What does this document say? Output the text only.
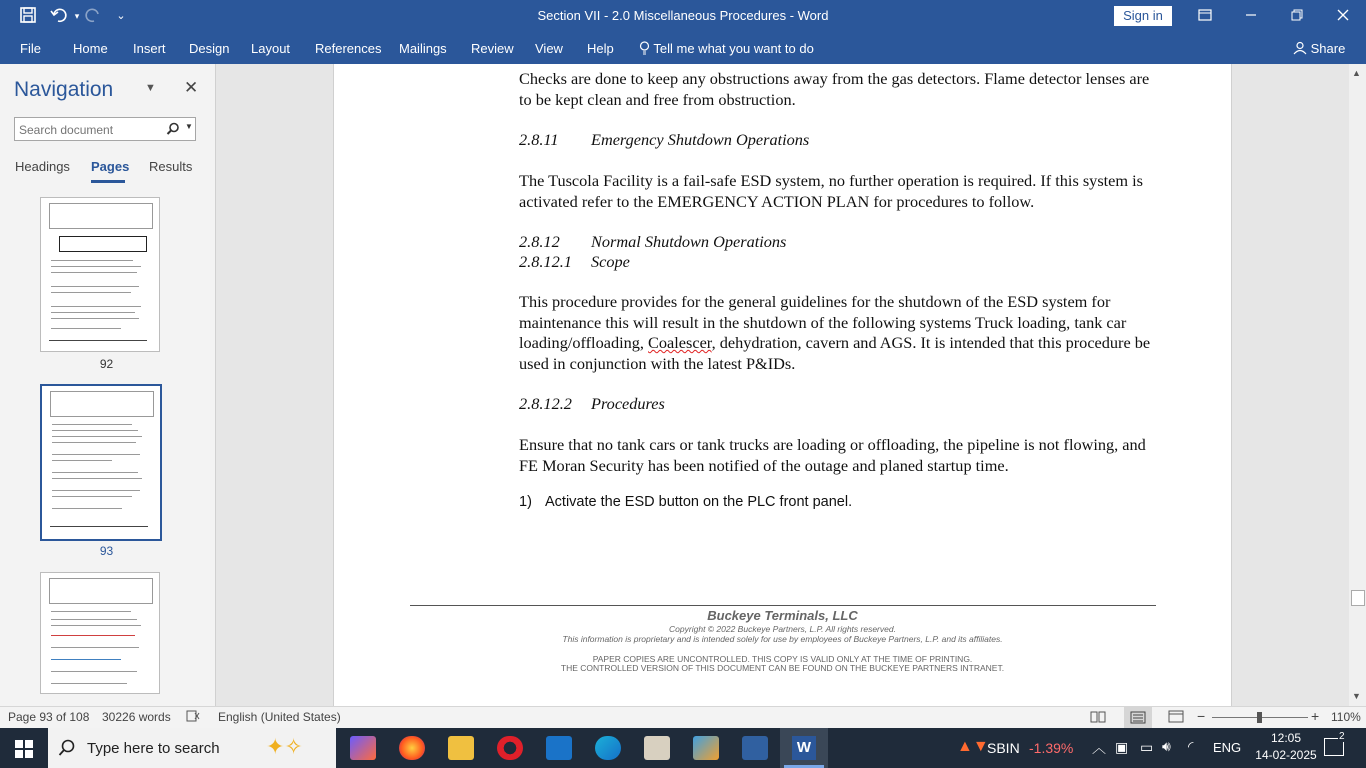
▾	⌄	Section VII - 2.0 Miscellaneous Procedures - Word	Sign in
File Home Insert Design Layout References Mailings Review View Help	Tell me what you want to do	Share
Navigation	▼ ✕
Search document
▼
Headings Pages Results
92
93
Checks are done to keep any obstructions away from the gas detectors. Flame detector lenses are to be kept clean and free from obstruction.
2.8.11 Emergency Shutdown Operations
The Tuscola Facility is a fail-safe ESD system, no further operation is required. If this system is activated refer to the EMERGENCY ACTION PLAN for procedures to follow.
2.8.12 Normal Shutdown Operations
2.8.12.1 Scope
This procedure provides for the general guidelines for the shutdown of the ESD system for maintenance this will result in the shutdown of the following systems Truck loading, tank car loading/offloading, Coalescer, dehydration, cavern and AGS. It is intended that this procedure be used in conjunction with the latest P&IDs.
2.8.12.2 Procedures
Ensure that no tank cars or tank trucks are loading or offloading, the pipeline is not flowing, and FE Moran Security has been notified of the outage and planed startup time.
1) Activate the ESD button on the PLC front panel.
Buckeye Terminals, LLC
Copyright © 2022 Buckeye Partners, L.P. All rights reserved.
This information is proprietary and is intended solely for use by employees of Buckeye Partners, L.P. and its affiliates.
PAPER COPIES ARE UNCONTROLLED. THIS COPY IS VALID ONLY AT THE TIME OF PRINTING.
THE CONTROLLED VERSION OF THIS DOCUMENT CAN BE FOUND ON THE BUCKEYE PARTNERS INTRANET.
▲
▼
Page 93 of 108 30226 words	English (United States)	−	+ 110%
Type here to search ✦✧	W	▲▼
SBIN -1.39% ︿ ▣ ▭ 🔊︎ ◜ ENG
12:05
14-02-2025
2
